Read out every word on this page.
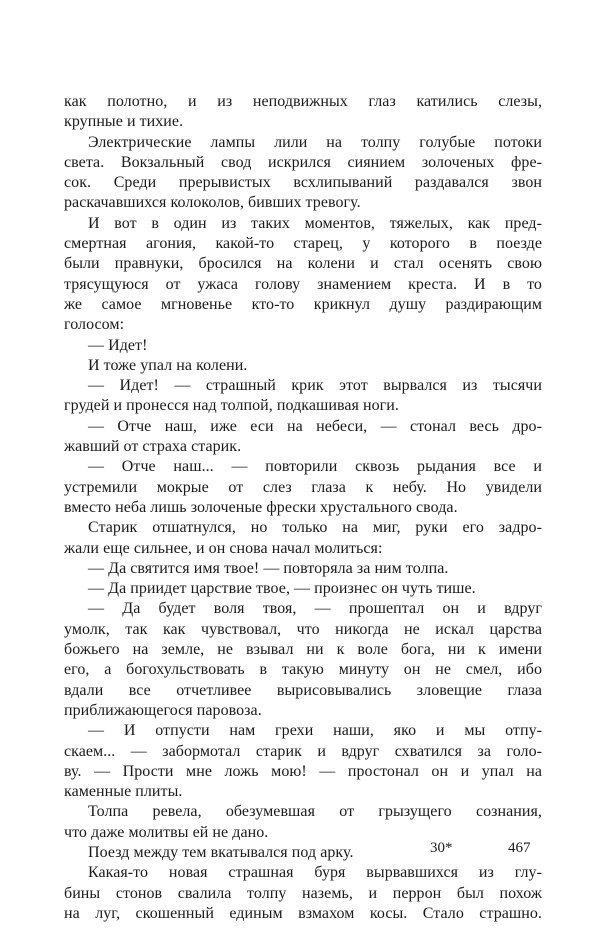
как полотно, и из неподвижных глаз катились слезы,
крупные и тихие.
Электрические лампы лили на толпу голубые потоки
света. Вокзальный свод искрился сиянием золоченых фре-
сок. Среди прерывистых всхлипываний раздавался звон
раскачавшихся колоколов, бивших тревогу.
И вот в один из таких моментов, тяжелых, как пред-
смертная агония, какой-то старец, у которого в поезде
были правнуки, бросился на колени и стал осенять свою
трясущуюся от ужаса голову знамением креста. И в то
же самое мгновенье кто-то крикнул душу раздирающим
голосом:
— Идет!
И тоже упал на колени.
— Идет! — страшный крик этот вырвался из тысячи
грудей и пронесся над толпой, подкашивая ноги.
— Отче наш, иже еси на небеси, — стонал весь дро-
жавший от страха старик.
— Отче наш... — повторили сквозь рыдания все и
устремили мокрые от слез глаза к небу. Но увидели
вместо неба лишь золоченые фрески хрустального свода.
Старик отшатнулся, но только на миг, руки его задро-
жали еще сильнее, и он снова начал молиться:
— Да святится имя твое! — повторяла за ним толпа.
— Да приидет царствие твое, — произнес он чуть тише.
— Да будет воля твоя, — прошептал он и вдруг
умолк, так как чувствовал, что никогда не искал царства
божьего на земле, не взывал ни к воле бога, ни к имени
его, а богохульствовать в такую минуту он не смел, ибо
вдали все отчетливее вырисовывались зловещие глаза
приближающегося паровоза.
— И отпусти нам грехи наши, яко и мы отпу-
скаем... — забормотал старик и вдруг схватился за голо-
ву. — Прости мне ложь мою! — простонал он и упал на
каменные плиты.
Толпа ревела, обезумевшая от грызущего сознания,
что даже молитвы ей не дано.
Поезд между тем вкатывался под арку.
Какая-то новая страшная буря вырвавшихся из глу-
бины стонов свалила толпу наземь, и перрон был похож
на луг, скошенный единым взмахом косы. Стало страшно.
30*	467
